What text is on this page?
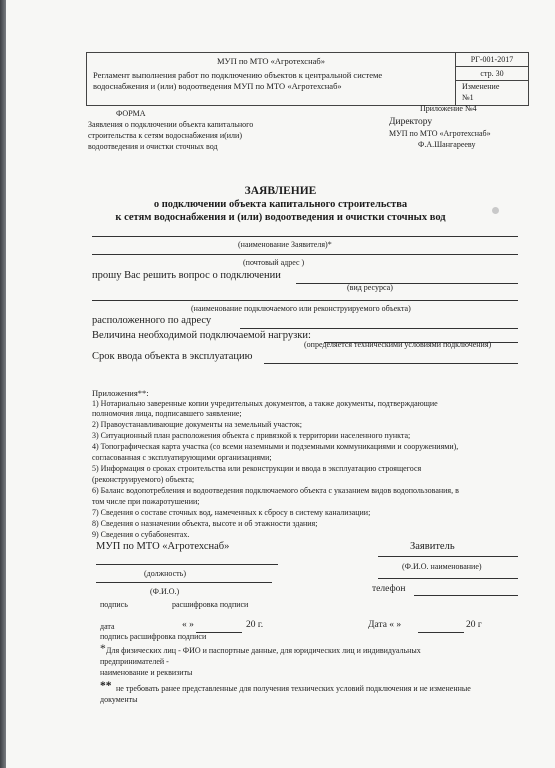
МУП по МТО «Агротехснаб»
Регламент выполнения работ по подключению объектов к центральной системе
водоснабжения и (или) водоотведения МУП по МТО «Агротехснаб»
РГ-001-2017
стр. 30
Изменение
№1
ФОРМА
Заявления о подключении объекта капитального
строительства к сетям водоснабжения и(или)
водоотведения и очистки сточных вод
Приложение №4
Директору
МУП по МТО «Агротехснаб»
Ф.А.Шангарееву
ЗАЯВЛЕНИЕ
о подключении объекта капитального строительства
к сетям водоснабжения и (или) водоотведения и очистки сточных вод
(наименование Заявителя)*
(почтовый адрес )
прошу Вас решить вопрос о подключении
(вид ресурса)
(наименование подключаемого или реконструируемого объекта)
расположенного по адресу
Величина необходимой подключаемой нагрузки:
(определяется техническими условиями подключения)
Срок ввода объекта в эксплуатацию
Приложения**:
1) Нотариально заверенные копии учредительных документов, а также документы, подтверждающие
полномочия лица, подписавшего заявление;
2) Правоустанавливающие документы на земельный участок;
3) Ситуационный план расположения объекта с привязкой к территории населенного пункта;
4) Топографическая карта участка (со всеми наземными и подземными коммуникациями и сооружениями),
согласованная с эксплуатирующими организациями;
5) Информация о сроках строительства или реконструкции и ввода в эксплуатацию строящегося
(реконструируемого) объекта;
6) Баланс водопотребления и водоотведения подключаемого объекта с указанием видов водопользования, в
том числе при пожаротушении;
7) Сведения о составе сточных вод, намеченных к сбросу в систему канализации;
8) Сведения о назначении объекта, высоте и об этажности здания;
9) Сведения о субабонентах.
МУП по МТО «Агротехснаб»	Заявитель
(должность)
(Ф.И.О. наименование)
(Ф.И.О.)	телефон
подпись	расшифровка подписи
дата	« »	20 г.	Дата « »	20 г
подпись расшифровка подписи
* Для физических лиц - ФИО и паспортные данные, для юридических лиц и индивидуальных
предпринимателей -
наименование и реквизиты
** не требовать ранее представленные для получения технических условий подключения и не измененные
документы
